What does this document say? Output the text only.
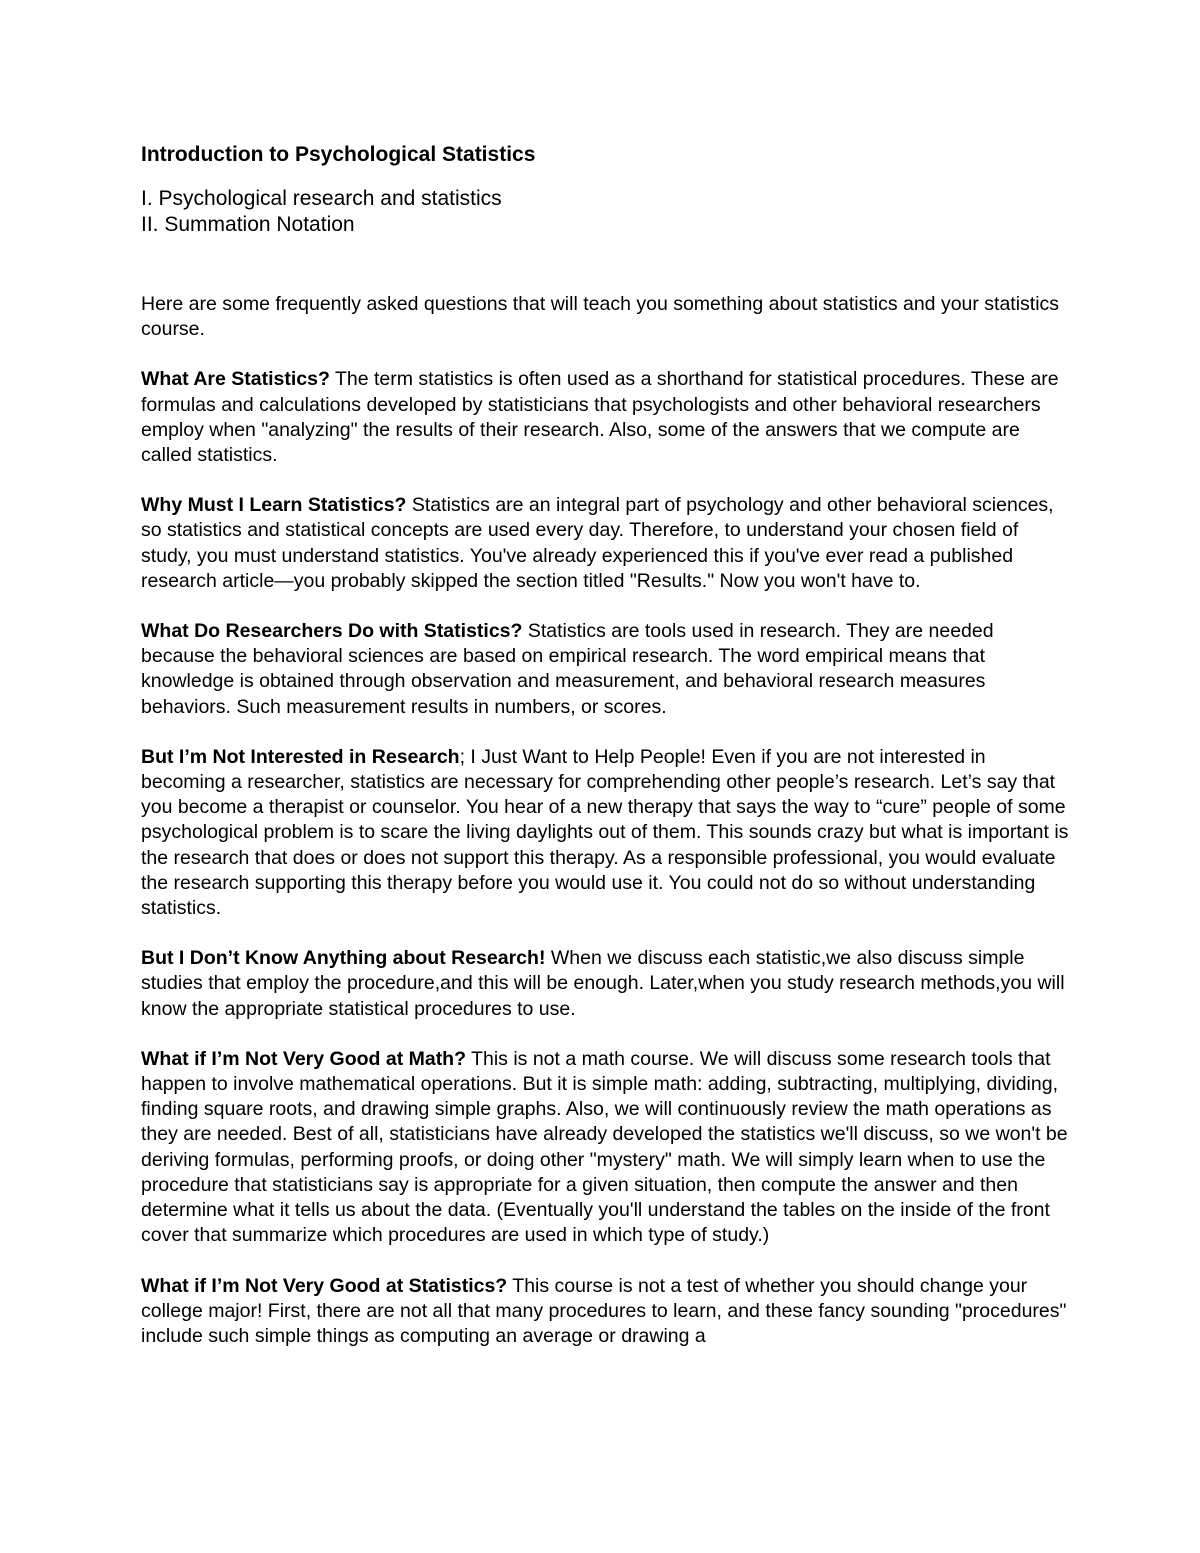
Introduction to Psychological Statistics
I. Psychological research and statistics
II. Summation Notation

Here are some frequently asked questions that will teach you something about statistics and your statistics course.

What Are Statistics? The term statistics is often used as a shorthand for statistical procedures. These are formulas and calculations developed by statisticians that psychologists and other behavioral researchers employ when "analyzing" the results of their research. Also, some of the answers that we compute are called statistics.

Why Must I Learn Statistics? Statistics are an integral part of psychology and other behavioral sciences, so statistics and statistical concepts are used every day. Therefore, to understand your chosen field of study, you must understand statistics. You've already experienced this if you've ever read a published research article—you probably skipped the section titled "Results." Now you won't have to.

What Do Researchers Do with Statistics? Statistics are tools used in research. They are needed because the behavioral sciences are based on empirical research. The word empirical means that knowledge is obtained through observation and measurement, and behavioral research measures behaviors. Such measurement results in numbers, or scores.

But I’m Not Interested in Research; I Just Want to Help People! Even if you are not interested in becoming a researcher, statistics are necessary for comprehending other people’s research. Let’s say that you become a therapist or counselor. You hear of a new therapy that says the way to “cure” people of some psychological problem is to scare the living daylights out of them. This sounds crazy but what is important is the research that does or does not support this therapy. As a responsible professional, you would evaluate the research supporting this therapy before you would use it. You could not do so without understanding statistics.

But I Don’t Know Anything about Research! When we discuss each statistic,we also discuss simple studies that employ the procedure,and this will be enough. Later,when you study research methods,you will know the appropriate statistical procedures to use.

What if I’m Not Very Good at Math? This is not a math course. We will discuss some research tools that happen to involve mathematical operations. But it is simple math: adding, subtracting, multiplying, dividing, finding square roots, and drawing simple graphs. Also, we will continuously review the math operations as they are needed. Best of all, statisticians have already developed the statistics we'll discuss, so we won't be deriving formulas, performing proofs, or doing other "mystery" math. We will simply learn when to use the procedure that statisticians say is appropriate for a given situation, then compute the answer and then determine what it tells us about the data. (Eventually you'll understand the tables on the inside of the front cover that summarize which procedures are used in which type of study.)

What if I’m Not Very Good at Statistics? This course is not a test of whether you should change your college major! First, there are not all that many procedures to learn, and these fancy sounding "procedures" include such simple things as computing an average or drawing a
